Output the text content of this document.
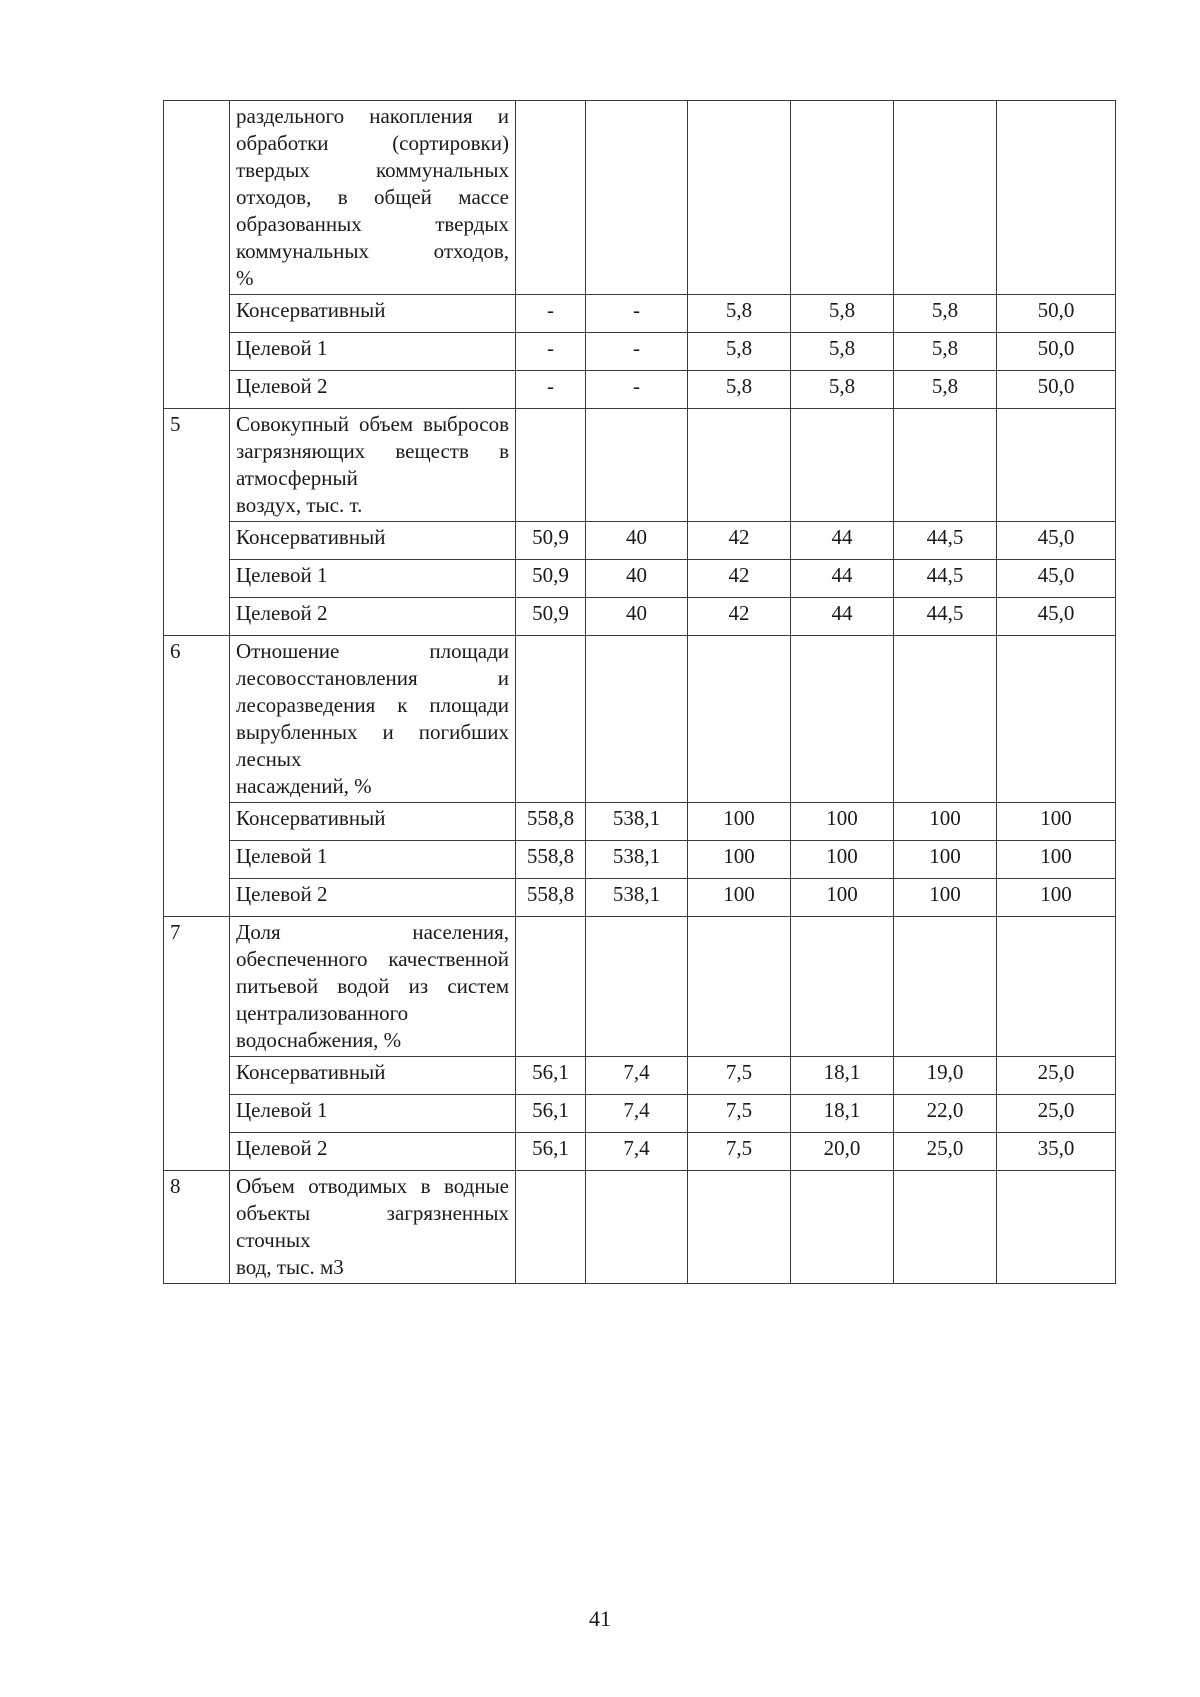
	раздельного накопления и обработки (сортировки) твердых коммунальных отходов, в общей массе образованных твердых коммунальных отходов,
%						

	Консервативный	-	-	5,8	5,8	5,8	50,0
	Целевой 1	-	-	5,8	5,8	5,8	50,0
	Целевой 2	-	-	5,8	5,8	5,8	50,0
5	Совокупный объем выбросов загрязняющих веществ в атмосферный
воздух, тыс. т.						

	Консервативный	50,9	40	42	44	44,5	45,0
	Целевой 1	50,9	40	42	44	44,5	45,0
	Целевой 2	50,9	40	42	44	44,5	45,0
6	Отношение площади лесовосстановления и лесоразведения к площади вырубленных и погибших лесных
насаждений, %						

	Консервативный	558,8	538,1	100	100	100	100
	Целевой 1	558,8	538,1	100	100	100	100
	Целевой 2	558,8	538,1	100	100	100	100
7	Доля населения, обеспеченного качественной питьевой водой из систем централизованного
водоснабжения, %						

	Консервативный	56,1	7,4	7,5	18,1	19,0	25,0
	Целевой 1	56,1	7,4	7,5	18,1	22,0	25,0
	Целевой 2	56,1	7,4	7,5	20,0	25,0	35,0
8	Объем отводимых в водные объекты загрязненных сточных
вод, тыс. м3						

41
